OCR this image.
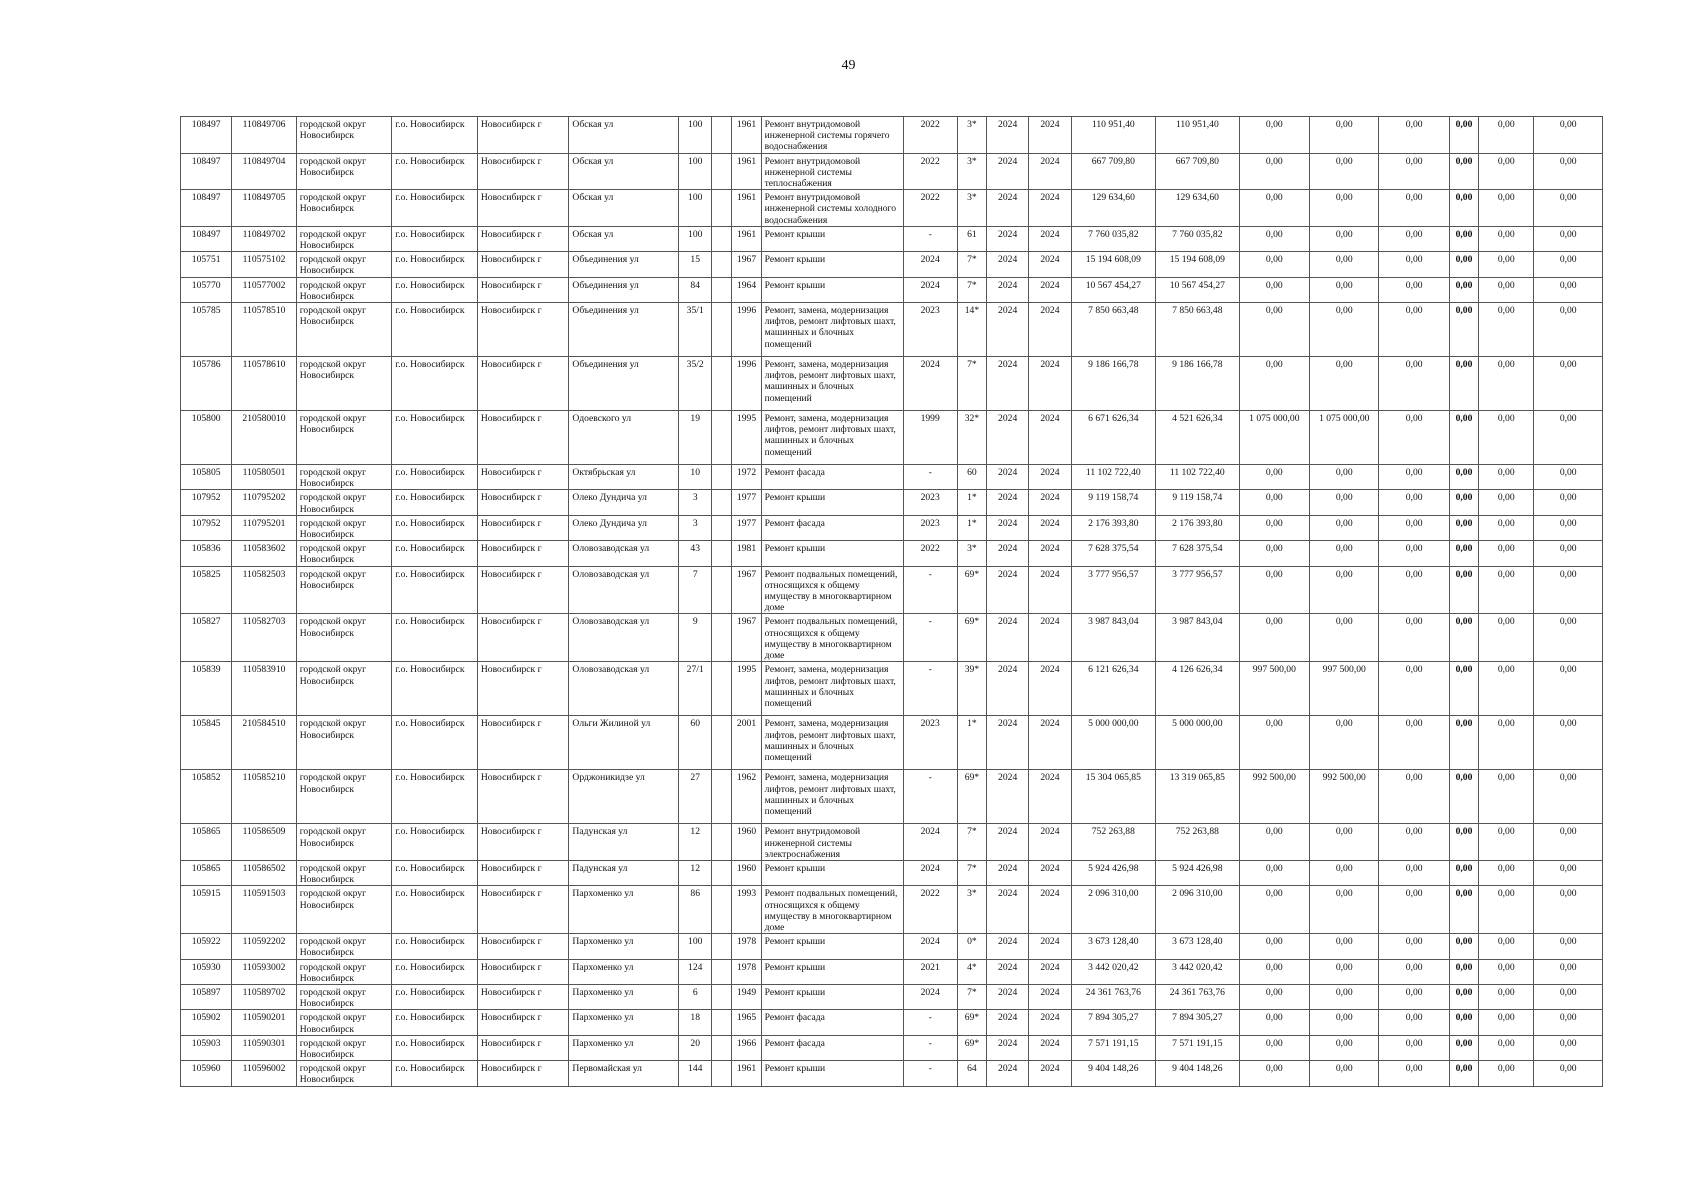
49
108497	110849706	городской округ Новосибирск	г.о. Новосибирск	Новосибирск г	Обская ул	100		1961	Ремонт внутридомовой инженерной системы горячего водоснабжения	2022	3*	2024	2024	110 951,40	110 951,40	0,00	0,00	0,00	0,00	0,00	0,00
108497	110849704	городской округ Новосибирск	г.о. Новосибирск	Новосибирск г	Обская ул	100		1961	Ремонт внутридомовой инженерной системы теплоснабжения	2022	3*	2024	2024	667 709,80	667 709,80	0,00	0,00	0,00	0,00	0,00	0,00
108497	110849705	городской округ Новосибирск	г.о. Новосибирск	Новосибирск г	Обская ул	100		1961	Ремонт внутридомовой инженерной системы холодного водоснабжения	2022	3*	2024	2024	129 634,60	129 634,60	0,00	0,00	0,00	0,00	0,00	0,00
108497	110849702	городской округ Новосибирск	г.о. Новосибирск	Новосибирск г	Обская ул	100		1961	Ремонт крыши	-	61	2024	2024	7 760 035,82	7 760 035,82	0,00	0,00	0,00	0,00	0,00	0,00
105751	110575102	городской округ Новосибирск	г.о. Новосибирск	Новосибирск г	Объединения ул	15		1967	Ремонт крыши	2024	7*	2024	2024	15 194 608,09	15 194 608,09	0,00	0,00	0,00	0,00	0,00	0,00
105770	110577002	городской округ Новосибирск	г.о. Новосибирск	Новосибирск г	Объединения ул	84		1964	Ремонт крыши	2024	7*	2024	2024	10 567 454,27	10 567 454,27	0,00	0,00	0,00	0,00	0,00	0,00
105785	110578510	городской округ Новосибирск	г.о. Новосибирск	Новосибирск г	Объединения ул	35/1		1996	Ремонт, замена, модернизация лифтов, ремонт лифтовых шахт, машинных и блочных помещений	2023	14*	2024	2024	7 850 663,48	7 850 663,48	0,00	0,00	0,00	0,00	0,00	0,00
105786	110578610	городской округ Новосибирск	г.о. Новосибирск	Новосибирск г	Объединения ул	35/2		1996	Ремонт, замена, модернизация лифтов, ремонт лифтовых шахт, машинных и блочных помещений	2024	7*	2024	2024	9 186 166,78	9 186 166,78	0,00	0,00	0,00	0,00	0,00	0,00
105800	210580010	городской округ Новосибирск	г.о. Новосибирск	Новосибирск г	Одоевского ул	19		1995	Ремонт, замена, модернизация лифтов, ремонт лифтовых шахт, машинных и блочных помещений	1999	32*	2024	2024	6 671 626,34	4 521 626,34	1 075 000,00	1 075 000,00	0,00	0,00	0,00	0,00
105805	110580501	городской округ Новосибирск	г.о. Новосибирск	Новосибирск г	Октябрьская ул	10		1972	Ремонт фасада	-	60	2024	2024	11 102 722,40	11 102 722,40	0,00	0,00	0,00	0,00	0,00	0,00
107952	110795202	городской округ Новосибирск	г.о. Новосибирск	Новосибирск г	Олеко Дундича ул	3		1977	Ремонт крыши	2023	1*	2024	2024	9 119 158,74	9 119 158,74	0,00	0,00	0,00	0,00	0,00	0,00
107952	110795201	городской округ Новосибирск	г.о. Новосибирск	Новосибирск г	Олеко Дундича ул	3		1977	Ремонт фасада	2023	1*	2024	2024	2 176 393,80	2 176 393,80	0,00	0,00	0,00	0,00	0,00	0,00
105836	110583602	городской округ Новосибирск	г.о. Новосибирск	Новосибирск г	Оловозаводская ул	43		1981	Ремонт крыши	2022	3*	2024	2024	7 628 375,54	7 628 375,54	0,00	0,00	0,00	0,00	0,00	0,00
105825	110582503	городской округ Новосибирск	г.о. Новосибирск	Новосибирск г	Оловозаводская ул	7		1967	Ремонт подвальных помещений, относящихся к общему имуществу в многоквартирном доме	-	69*	2024	2024	3 777 956,57	3 777 956,57	0,00	0,00	0,00	0,00	0,00	0,00
105827	110582703	городской округ Новосибирск	г.о. Новосибирск	Новосибирск г	Оловозаводская ул	9		1967	Ремонт подвальных помещений, относящихся к общему имуществу в многоквартирном доме	-	69*	2024	2024	3 987 843,04	3 987 843,04	0,00	0,00	0,00	0,00	0,00	0,00
105839	110583910	городской округ Новосибирск	г.о. Новосибирск	Новосибирск г	Оловозаводская ул	27/1		1995	Ремонт, замена, модернизация лифтов, ремонт лифтовых шахт, машинных и блочных помещений	-	39*	2024	2024	6 121 626,34	4 126 626,34	997 500,00	997 500,00	0,00	0,00	0,00	0,00
105845	210584510	городской округ Новосибирск	г.о. Новосибирск	Новосибирск г	Ольги Жилиной ул	60		2001	Ремонт, замена, модернизация лифтов, ремонт лифтовых шахт, машинных и блочных помещений	2023	1*	2024	2024	5 000 000,00	5 000 000,00	0,00	0,00	0,00	0,00	0,00	0,00
105852	110585210	городской округ Новосибирск	г.о. Новосибирск	Новосибирск г	Орджоникидзе ул	27		1962	Ремонт, замена, модернизация лифтов, ремонт лифтовых шахт, машинных и блочных помещений	-	69*	2024	2024	15 304 065,85	13 319 065,85	992 500,00	992 500,00	0,00	0,00	0,00	0,00
105865	110586509	городской округ Новосибирск	г.о. Новосибирск	Новосибирск г	Падунская ул	12		1960	Ремонт внутридомовой инженерной системы электроснабжения	2024	7*	2024	2024	752 263,88	752 263,88	0,00	0,00	0,00	0,00	0,00	0,00
105865	110586502	городской округ Новосибирск	г.о. Новосибирск	Новосибирск г	Падунская ул	12		1960	Ремонт крыши	2024	7*	2024	2024	5 924 426,98	5 924 426,98	0,00	0,00	0,00	0,00	0,00	0,00
105915	110591503	городской округ Новосибирск	г.о. Новосибирск	Новосибирск г	Пархоменко ул	86		1993	Ремонт подвальных помещений, относящихся к общему имуществу в многоквартирном доме	2022	3*	2024	2024	2 096 310,00	2 096 310,00	0,00	0,00	0,00	0,00	0,00	0,00
105922	110592202	городской округ Новосибирск	г.о. Новосибирск	Новосибирск г	Пархоменко ул	100		1978	Ремонт крыши	2024	0*	2024	2024	3 673 128,40	3 673 128,40	0,00	0,00	0,00	0,00	0,00	0,00
105930	110593002	городской округ Новосибирск	г.о. Новосибирск	Новосибирск г	Пархоменко ул	124		1978	Ремонт крыши	2021	4*	2024	2024	3 442 020,42	3 442 020,42	0,00	0,00	0,00	0,00	0,00	0,00
105897	110589702	городской округ Новосибирск	г.о. Новосибирск	Новосибирск г	Пархоменко ул	6		1949	Ремонт крыши	2024	7*	2024	2024	24 361 763,76	24 361 763,76	0,00	0,00	0,00	0,00	0,00	0,00
105902	110590201	городской округ Новосибирск	г.о. Новосибирск	Новосибирск г	Пархоменко ул	18		1965	Ремонт фасада	-	69*	2024	2024	7 894 305,27	7 894 305,27	0,00	0,00	0,00	0,00	0,00	0,00
105903	110590301	городской округ Новосибирск	г.о. Новосибирск	Новосибирск г	Пархоменко ул	20		1966	Ремонт фасада	-	69*	2024	2024	7 571 191,15	7 571 191,15	0,00	0,00	0,00	0,00	0,00	0,00
105960	110596002	городской округ Новосибирск	г.о. Новосибирск	Новосибирск г	Первомайская ул	144		1961	Ремонт крыши	-	64	2024	2024	9 404 148,26	9 404 148,26	0,00	0,00	0,00	0,00	0,00	0,00
